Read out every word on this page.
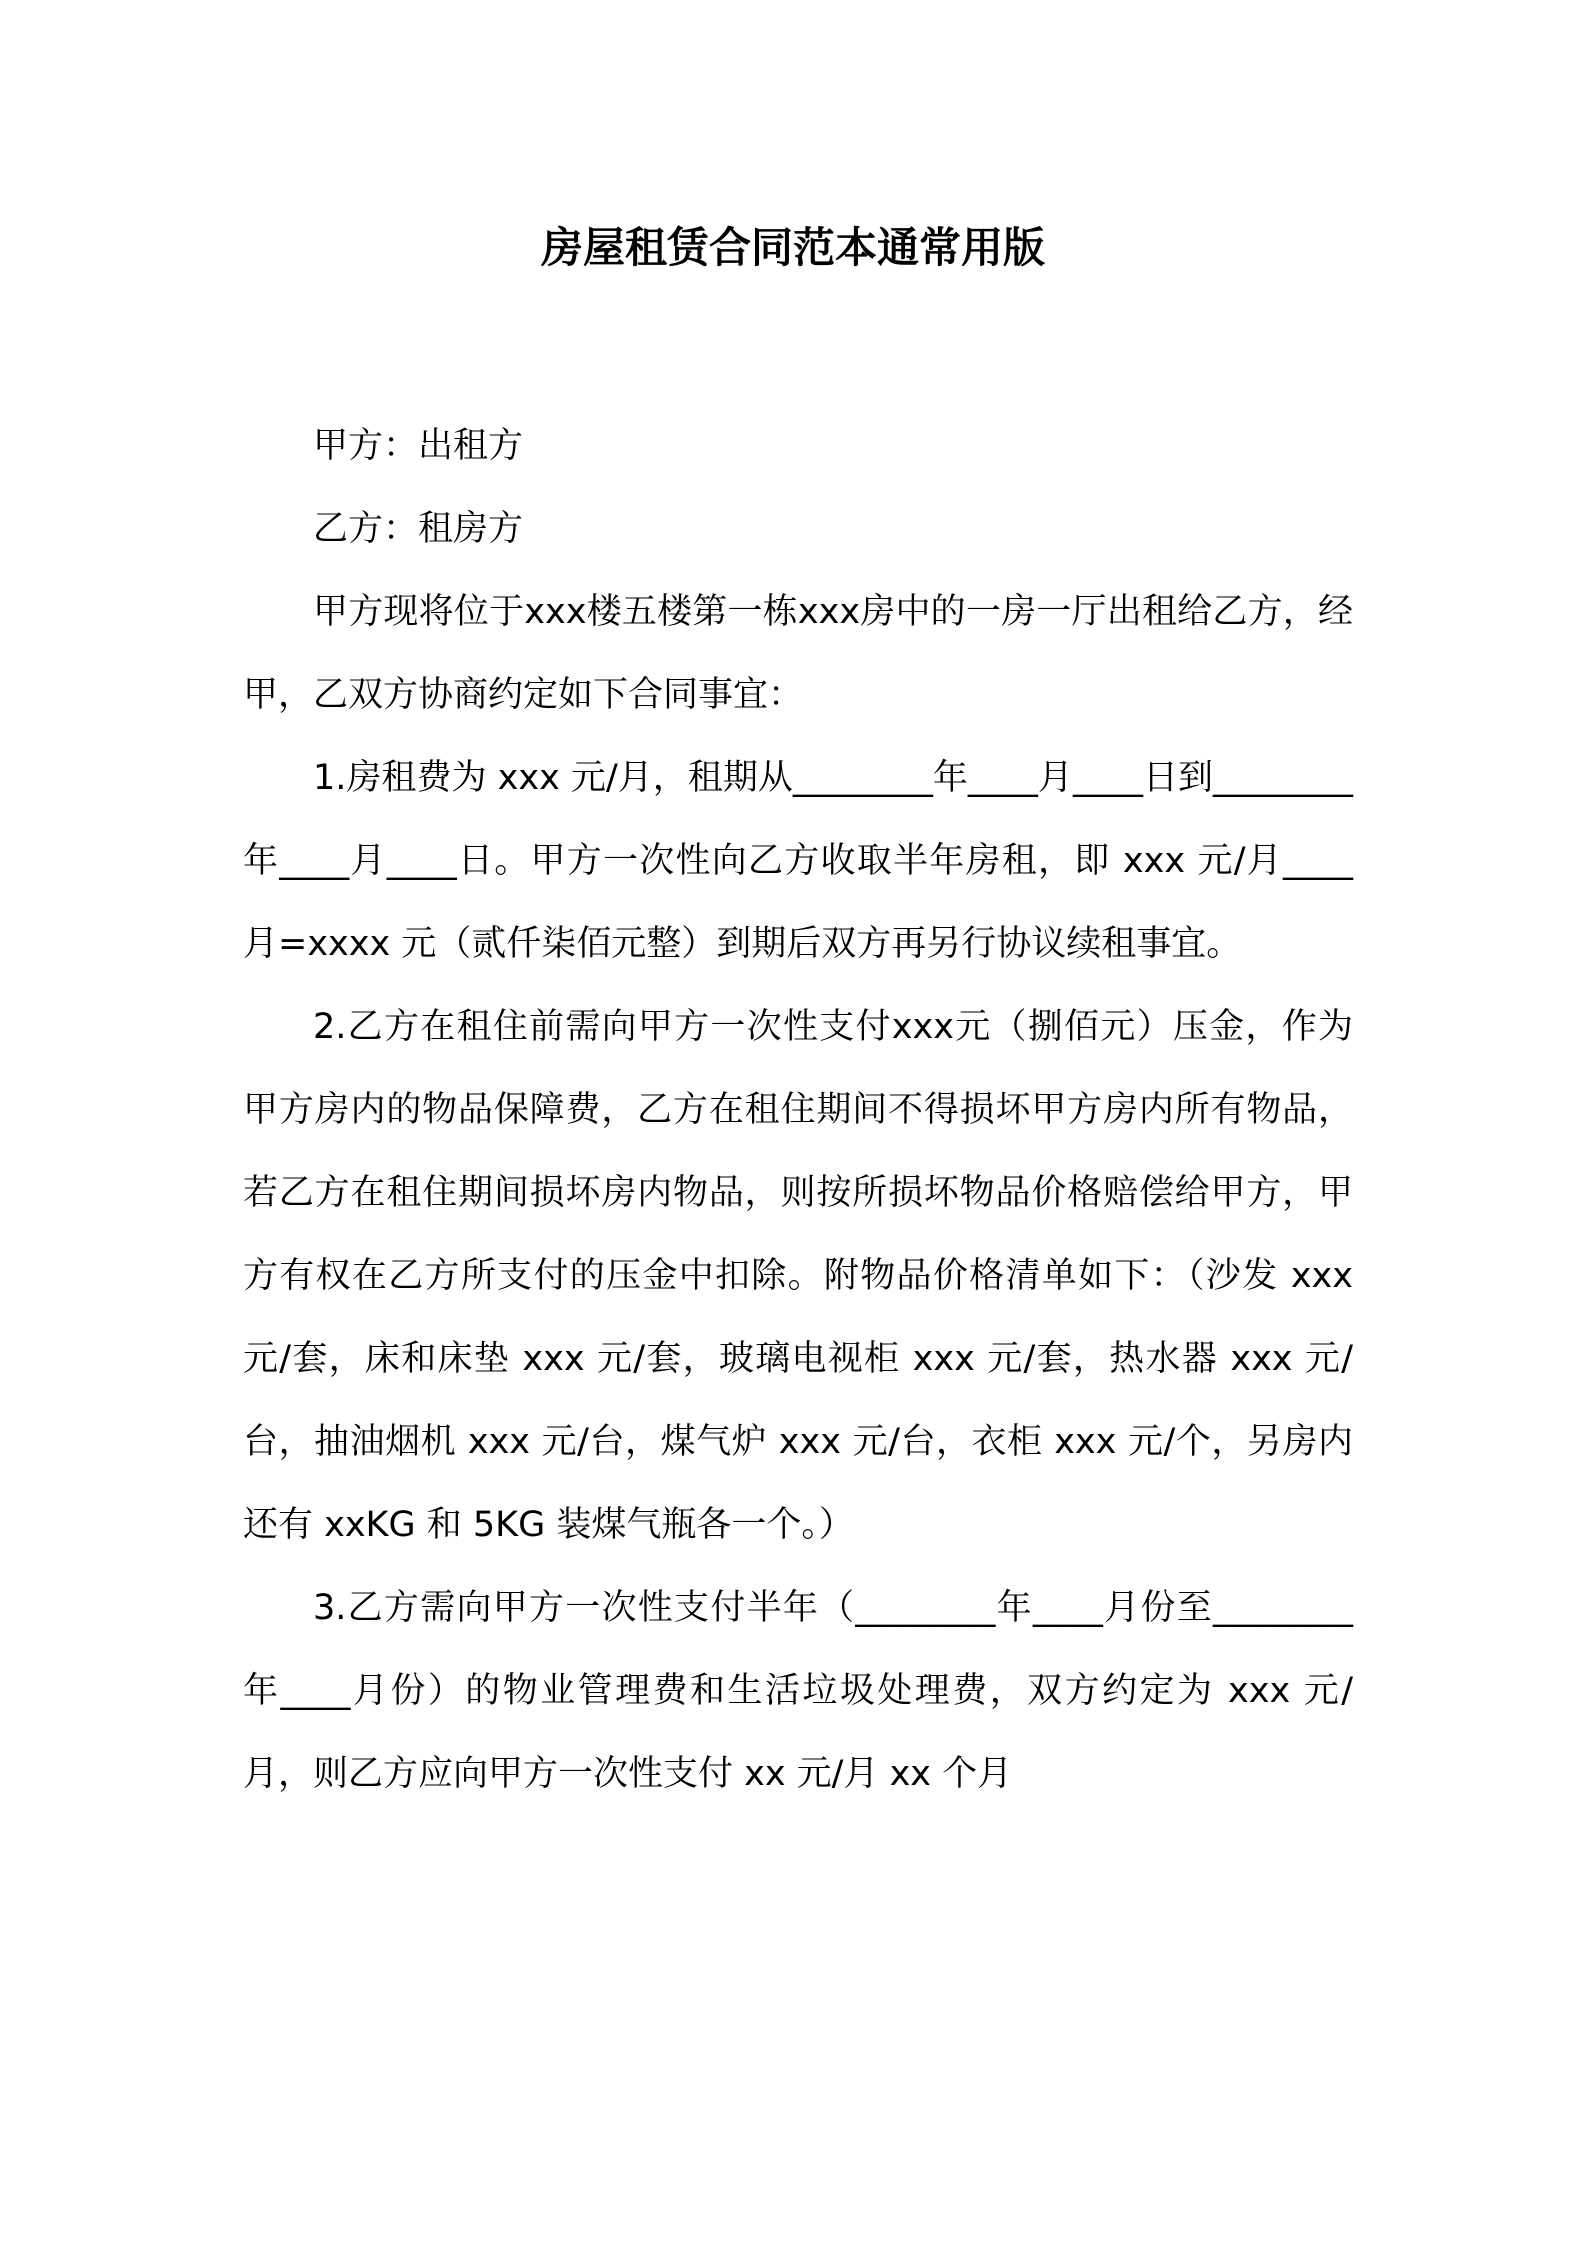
房屋租赁合同范本通常用版

甲方：出租方

乙方：租房方

甲方现将位于xxx楼五楼第一栋xxx房中的一房一厅出租给乙方，经甲，乙双方协商约定如下合同事宜：

1.房租费为 xxx 元/月，租期从________年____月____日到________年____月____日。甲方一次性向乙方收取半年房租，即 xxx 元/月____月=xxxx 元（贰仟柒佰元整）到期后双方再另行协议续租事宜。

2.乙方在租住前需向甲方一次性支付xxx元（捌佰元）压金，作为甲方房内的物品保障费，乙方在租住期间不得损坏甲方房内所有物品，若乙方在租住期间损坏房内物品，则按所损坏物品价格赔偿给甲方，甲方有权在乙方所支付的压金中扣除。附物品价格清单如下：（沙发 xxx 元/套，床和床垫 xxx 元/套，玻璃电视柜 xxx 元/套，热水器 xxx 元/台，抽油烟机 xxx 元/台，煤气炉 xxx 元/台，衣柜 xxx 元/个，另房内还有 xxKG 和 5KG 装煤气瓶各一个。）

3.乙方需向甲方一次性支付半年（________年____月份至________年____月份）的物业管理费和生活垃圾处理费，双方约定为 xxx 元/月，则乙方应向甲方一次性支付 xx 元/月 xx 个月
